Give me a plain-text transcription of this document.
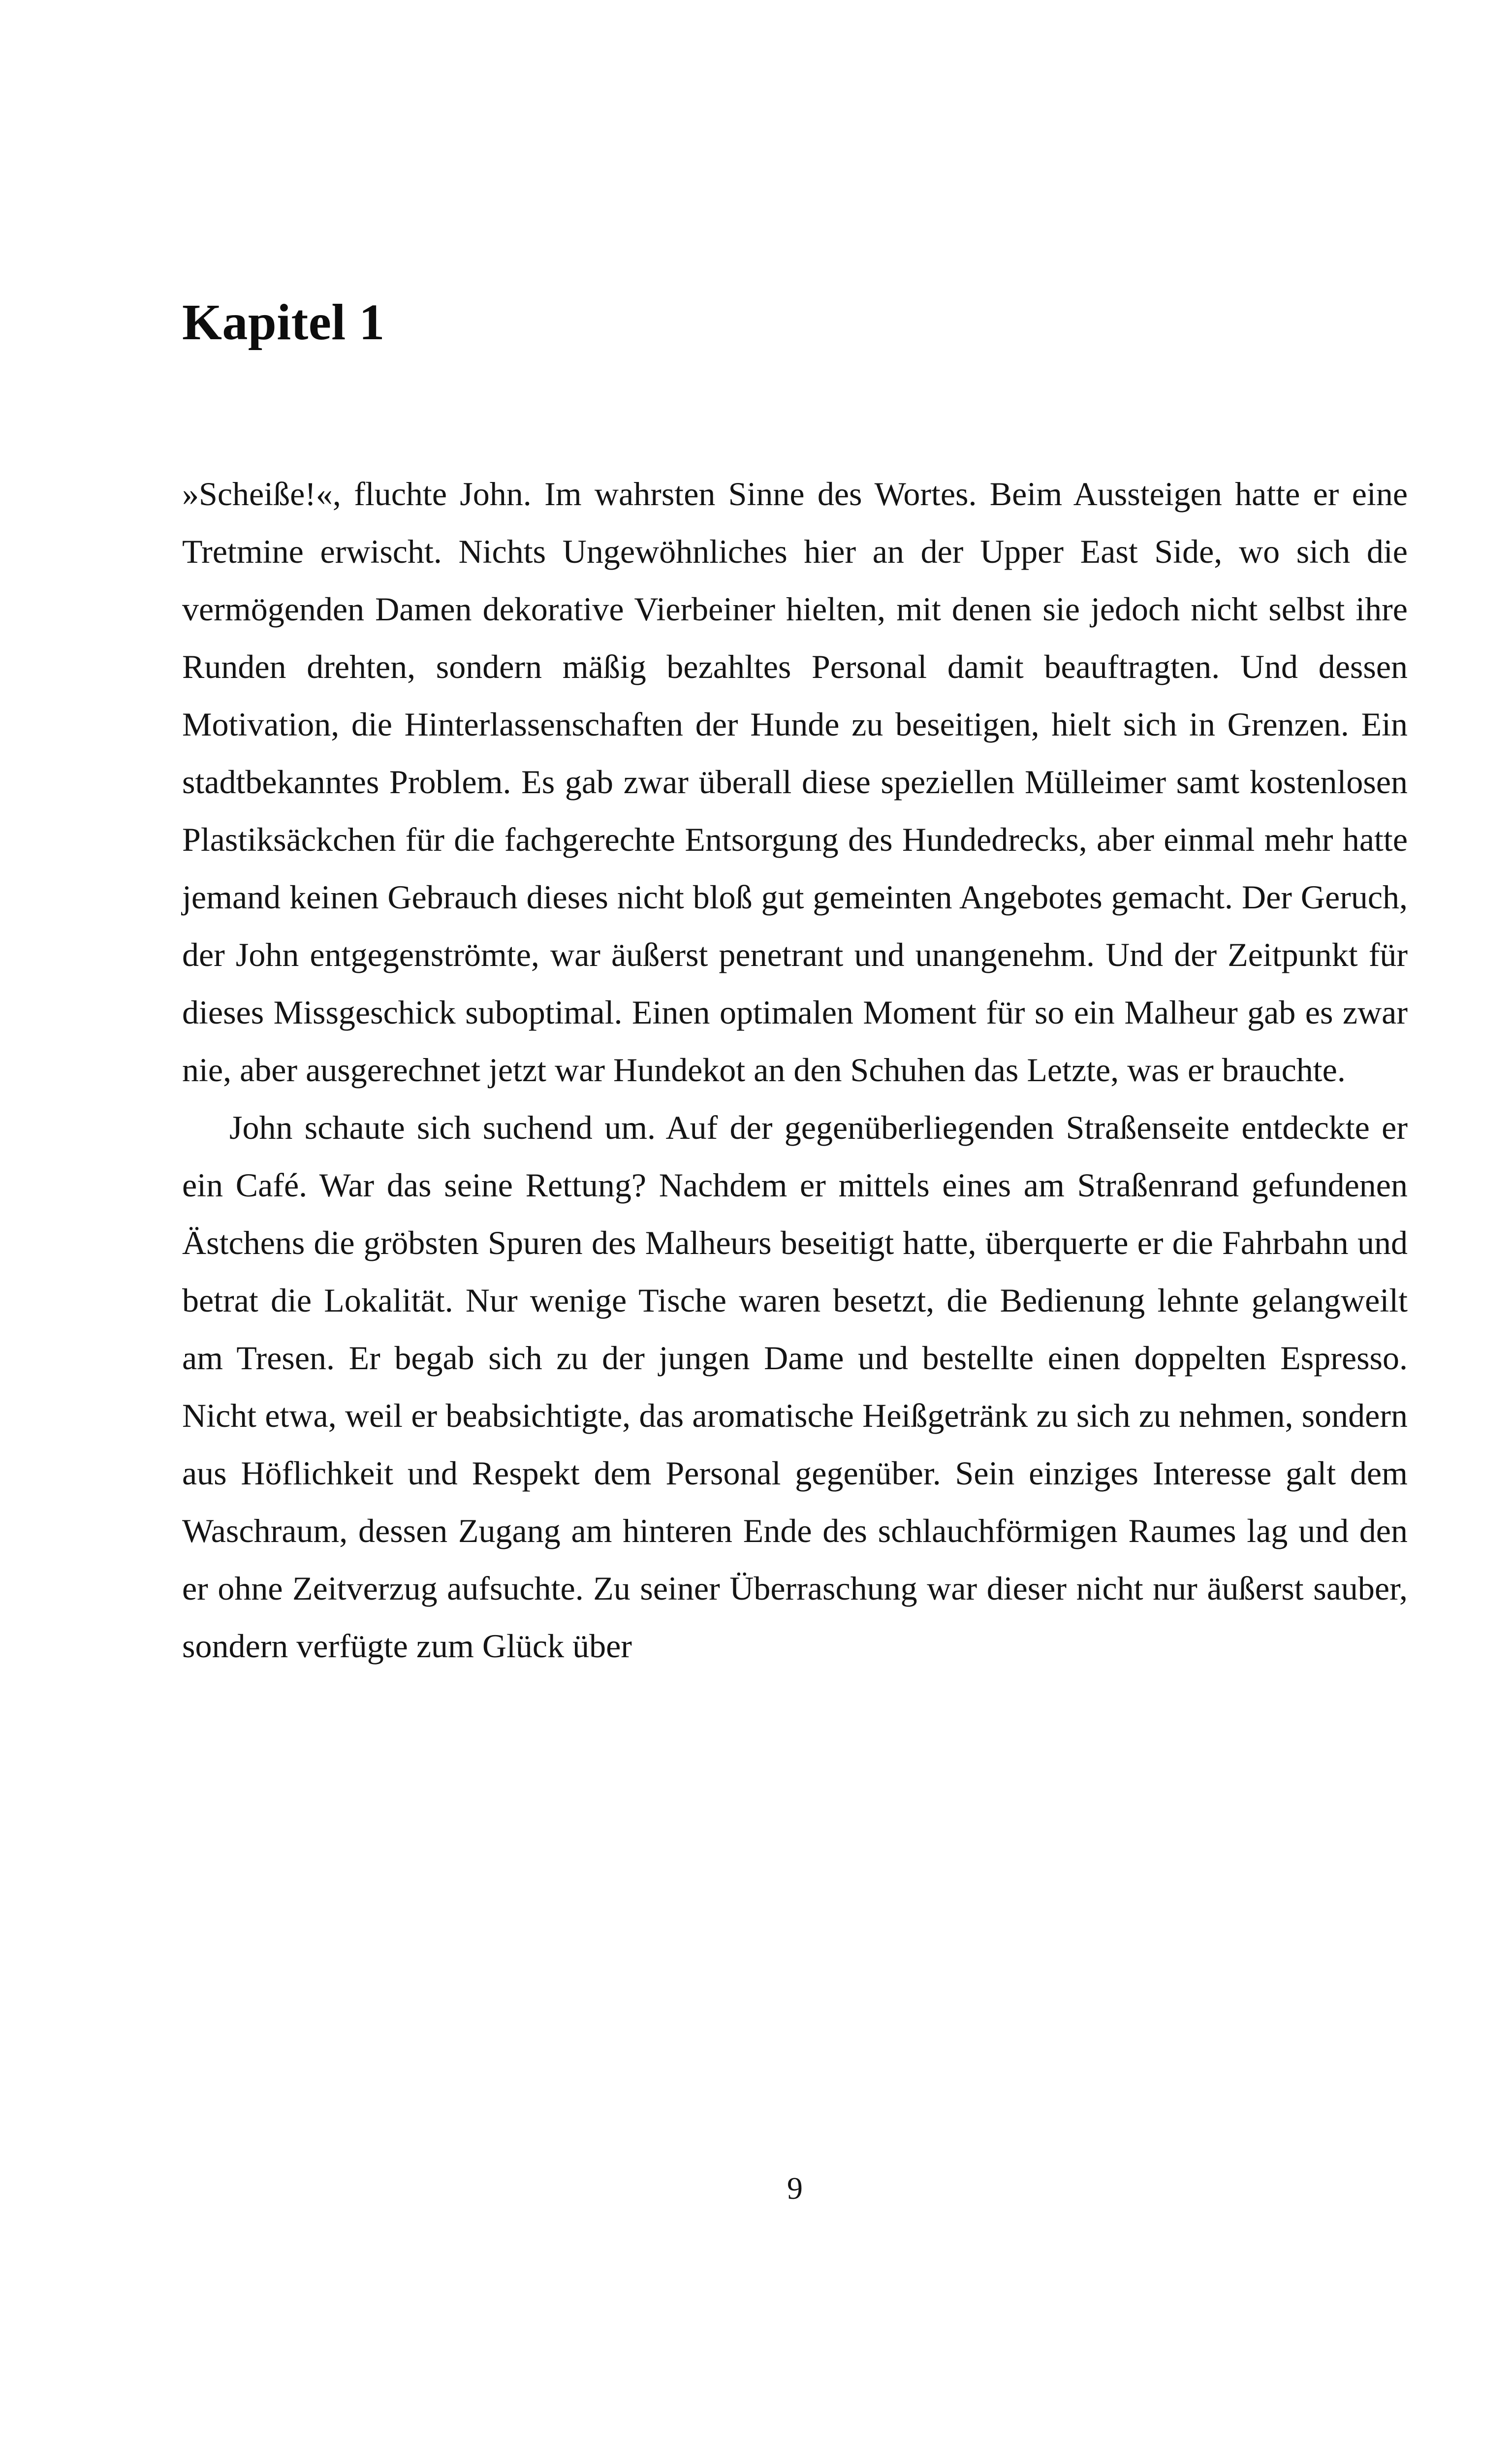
Kapitel 1

»Scheiße!«, fluchte John. Im wahrsten Sinne des Wortes. Beim Aussteigen hatte er eine Tretmine erwischt. Nichts Ungewöhnliches hier an der Upper East Side, wo sich die vermögenden Damen dekorative Vierbeiner hielten, mit denen sie jedoch nicht selbst ihre Runden drehten, sondern mäßig bezahltes Personal damit beauftragten. Und dessen Motivation, die Hinterlassenschaften der Hunde zu beseitigen, hielt sich in Grenzen. Ein stadtbekanntes Problem. Es gab zwar überall diese speziellen Mülleimer samt kostenlosen Plastiksäckchen für die fachgerechte Entsorgung des Hundedrecks, aber einmal mehr hatte jemand keinen Gebrauch dieses nicht bloß gut gemeinten Angebotes gemacht. Der Geruch, der John entgegenströmte, war äußerst penetrant und unangenehm. Und der Zeitpunkt für dieses Missgeschick suboptimal. Einen optimalen Moment für so ein Malheur gab es zwar nie, aber ausgerechnet jetzt war Hundekot an den Schuhen das Letzte, was er brauchte.

John schaute sich suchend um. Auf der gegenüberliegenden Straßenseite entdeckte er ein Café. War das seine Rettung? Nachdem er mittels eines am Straßenrand gefundenen Ästchens die gröbsten Spuren des Malheurs beseitigt hatte, überquerte er die Fahrbahn und betrat die Lokalität. Nur wenige Tische waren besetzt, die Bedienung lehnte gelangweilt am Tresen. Er begab sich zu der jungen Dame und bestellte einen doppelten Espresso. Nicht etwa, weil er beabsichtigte, das aromatische Heißgetränk zu sich zu nehmen, sondern aus Höflichkeit und Respekt dem Personal gegenüber. Sein einziges Interesse galt dem Waschraum, dessen Zugang am hinteren Ende des schlauchförmigen Raumes lag und den er ohne Zeitverzug aufsuchte. Zu seiner Überraschung war dieser nicht nur äußerst sauber, sondern verfügte zum Glück über

9
